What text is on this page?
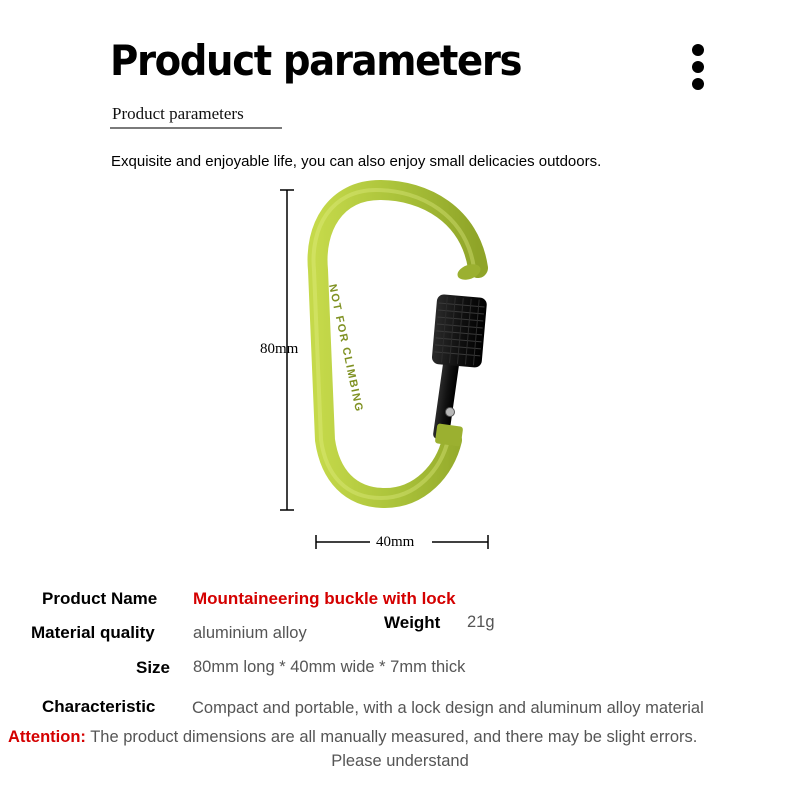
Product parameters
Product parameters
Exquisite and enjoyable life, you can also enjoy small delicacies outdoors.
NOT FOR CLIMBING
80mm
40mm
Product Name Mountaineering buckle with lock
Material quality aluminium alloy
Weight 21g
Size 80mm long * 40mm wide * 7mm thick
Characteristic Compact and portable, with a lock design and aluminum alloy material
Attention: The product dimensions are all manually measured, and there may be slight errors.
Please understand
